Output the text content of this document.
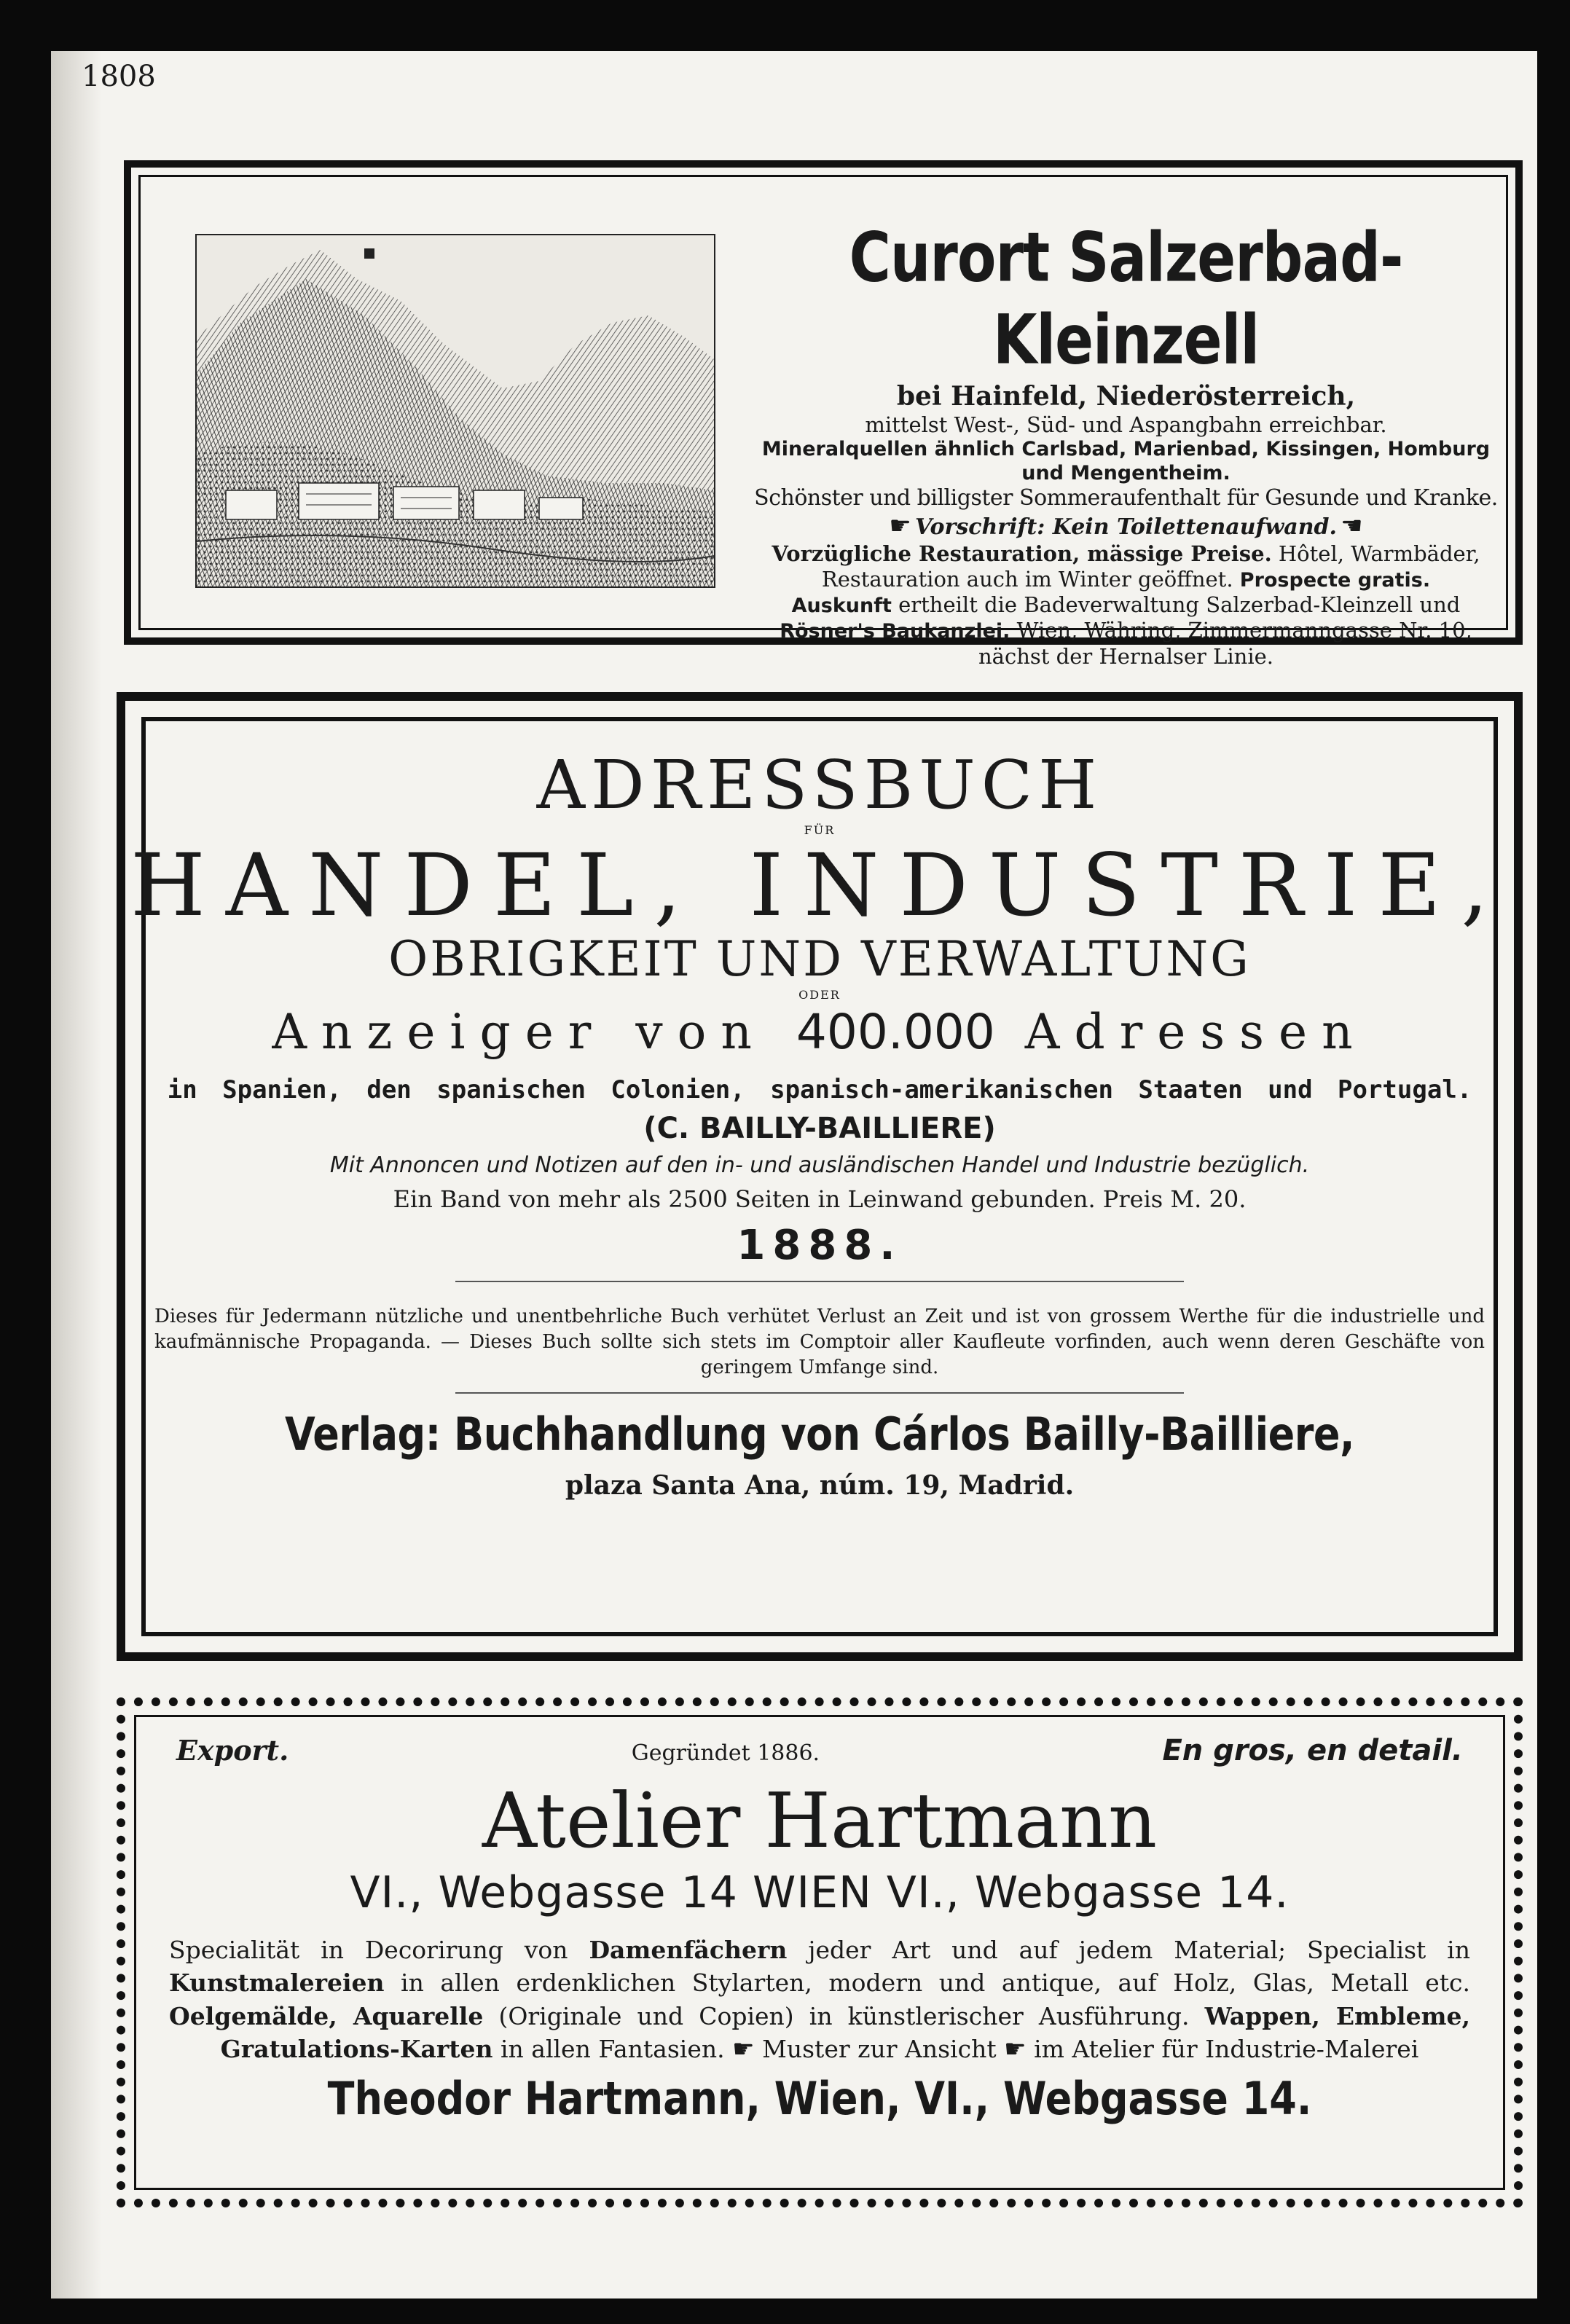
1808
Curort Salzerbad-Kleinzell
bei Hainfeld, Niederösterreich,
mittelst West-, Süd- und Aspangbahn erreichbar.
Mineralquellen ähnlich Carlsbad, Marienbad, Kissingen, Homburg
und Mengentheim.
Schönster und billigster Sommeraufenthalt für Gesunde und Kranke.
☛ Vorschrift: Kein Toilettenaufwand. ☚
Vorzügliche Restauration, mässige Preise. Hôtel, Warmbäder,
Restauration auch im Winter geöffnet. Prospecte gratis.
Auskunft ertheilt die Badeverwaltung Salzerbad-Kleinzell und
Rösner's Baukanzlei, Wien, Währing, Zimmermanngasse Nr. 10,
nächst der Hernalser Linie.
ADRESSBUCH
FÜR
HANDEL, INDUSTRIE,
OBRIGKEIT UND VERWALTUNG
ODER
Anzeiger von 400.000 Adressen
in Spanien, den spanischen Colonien, spanisch-amerikanischen Staaten und Portugal.
(C. BAILLY-BAILLIERE)
Mit Annoncen und Notizen auf den in- und ausländischen Handel und Industrie bezüglich.
Ein Band von mehr als 2500 Seiten in Leinwand gebunden. Preis M. 20.
1888.
Dieses für Jedermann nützliche und unentbehrliche Buch verhütet Verlust an Zeit und ist von grossem Werthe für die industrielle und kaufmännische Propaganda. — Dieses Buch sollte sich stets im Comptoir aller Kaufleute vorfinden, auch wenn deren Geschäfte von geringem Umfange sind.
Verlag: Buchhandlung von Cárlos Bailly-Bailliere,
plaza Santa Ana, núm. 19, Madrid.
Export.	Gegründet 1886.	En gros, en detail.
Atelier Hartmann
VI., Webgasse 14 WIEN VI., Webgasse 14.
Specialität in Decorirung von Damenfächern jeder Art und auf jedem Material; Specialist in Kunstmalereien in allen erdenklichen Stylarten, modern und antique, auf Holz, Glas, Metall etc. Oelgemälde, Aquarelle (Originale und Copien) in künstlerischer Ausführung. Wappen, Embleme, Gratulations-Karten in allen Fantasien. ☛ Muster zur Ansicht ☛ im Atelier für Industrie-Malerei
Theodor Hartmann, Wien, VI., Webgasse 14.
